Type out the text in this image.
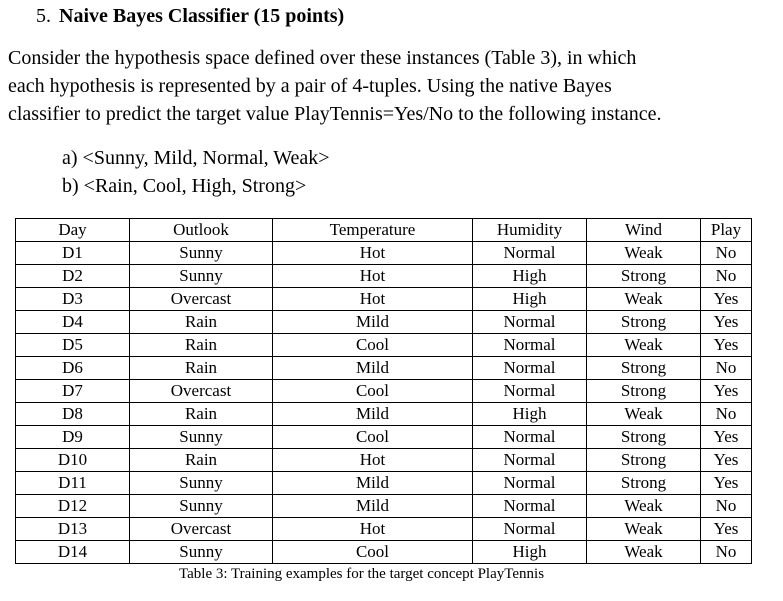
5. Naive Bayes Classifier (15 points)
Consider the hypothesis space defined over these instances (Table 3), in which
each hypothesis is represented by a pair of 4-tuples. Using the native Bayes
classifier to predict the target value PlayTennis=Yes/No to the following instance.
a) <Sunny, Mild, Normal, Weak>
b) <Rain, Cool, High, Strong>
Day	Outlook	Temperature	Humidity	Wind	Play
D1	Sunny	Hot	Normal	Weak	No
D2	Sunny	Hot	High	Strong	No
D3	Overcast	Hot	High	Weak	Yes
D4	Rain	Mild	Normal	Strong	Yes
D5	Rain	Cool	Normal	Weak	Yes
D6	Rain	Mild	Normal	Strong	No
D7	Overcast	Cool	Normal	Strong	Yes
D8	Rain	Mild	High	Weak	No
D9	Sunny	Cool	Normal	Strong	Yes
D10	Rain	Hot	Normal	Strong	Yes
D11	Sunny	Mild	Normal	Strong	Yes
D12	Sunny	Mild	Normal	Weak	No
D13	Overcast	Hot	Normal	Weak	Yes
D14	Sunny	Cool	High	Weak	No
Table 3: Training examples for the target concept PlayTennis
